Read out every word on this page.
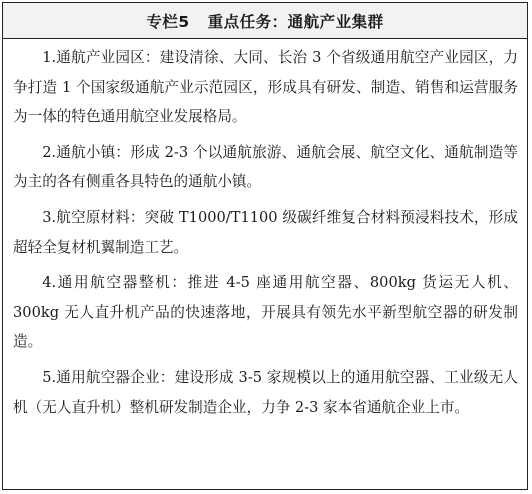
专栏5 重点任务：通航产业集群

1.通航产业园区：建设清徐、大同、长治 3 个省级通用航空产业园区，力争打造 1 个国家级通航产业示范园区，形成具有研发、制造、销售和运营服务为一体的特色通用航空业发展格局。

2.通航小镇：形成 2-3 个以通航旅游、通航会展、航空文化、通航制造等为主的各有侧重各具特色的通航小镇。

3.航空原材料：突破 T1000/T1100 级碳纤维复合材料预浸料技术，形成超轻全复材机翼制造工艺。

4.通用航空器整机：推进 4-5 座通用航空器、800kg 货运无人机、300kg 无人直升机产品的快速落地，开展具有领先水平新型航空器的研发制造。

5.通用航空器企业：建设形成 3-5 家规模以上的通用航空器、工业级无人机（无人直升机）整机研发制造企业，力争 2-3 家本省通航企业上市。
